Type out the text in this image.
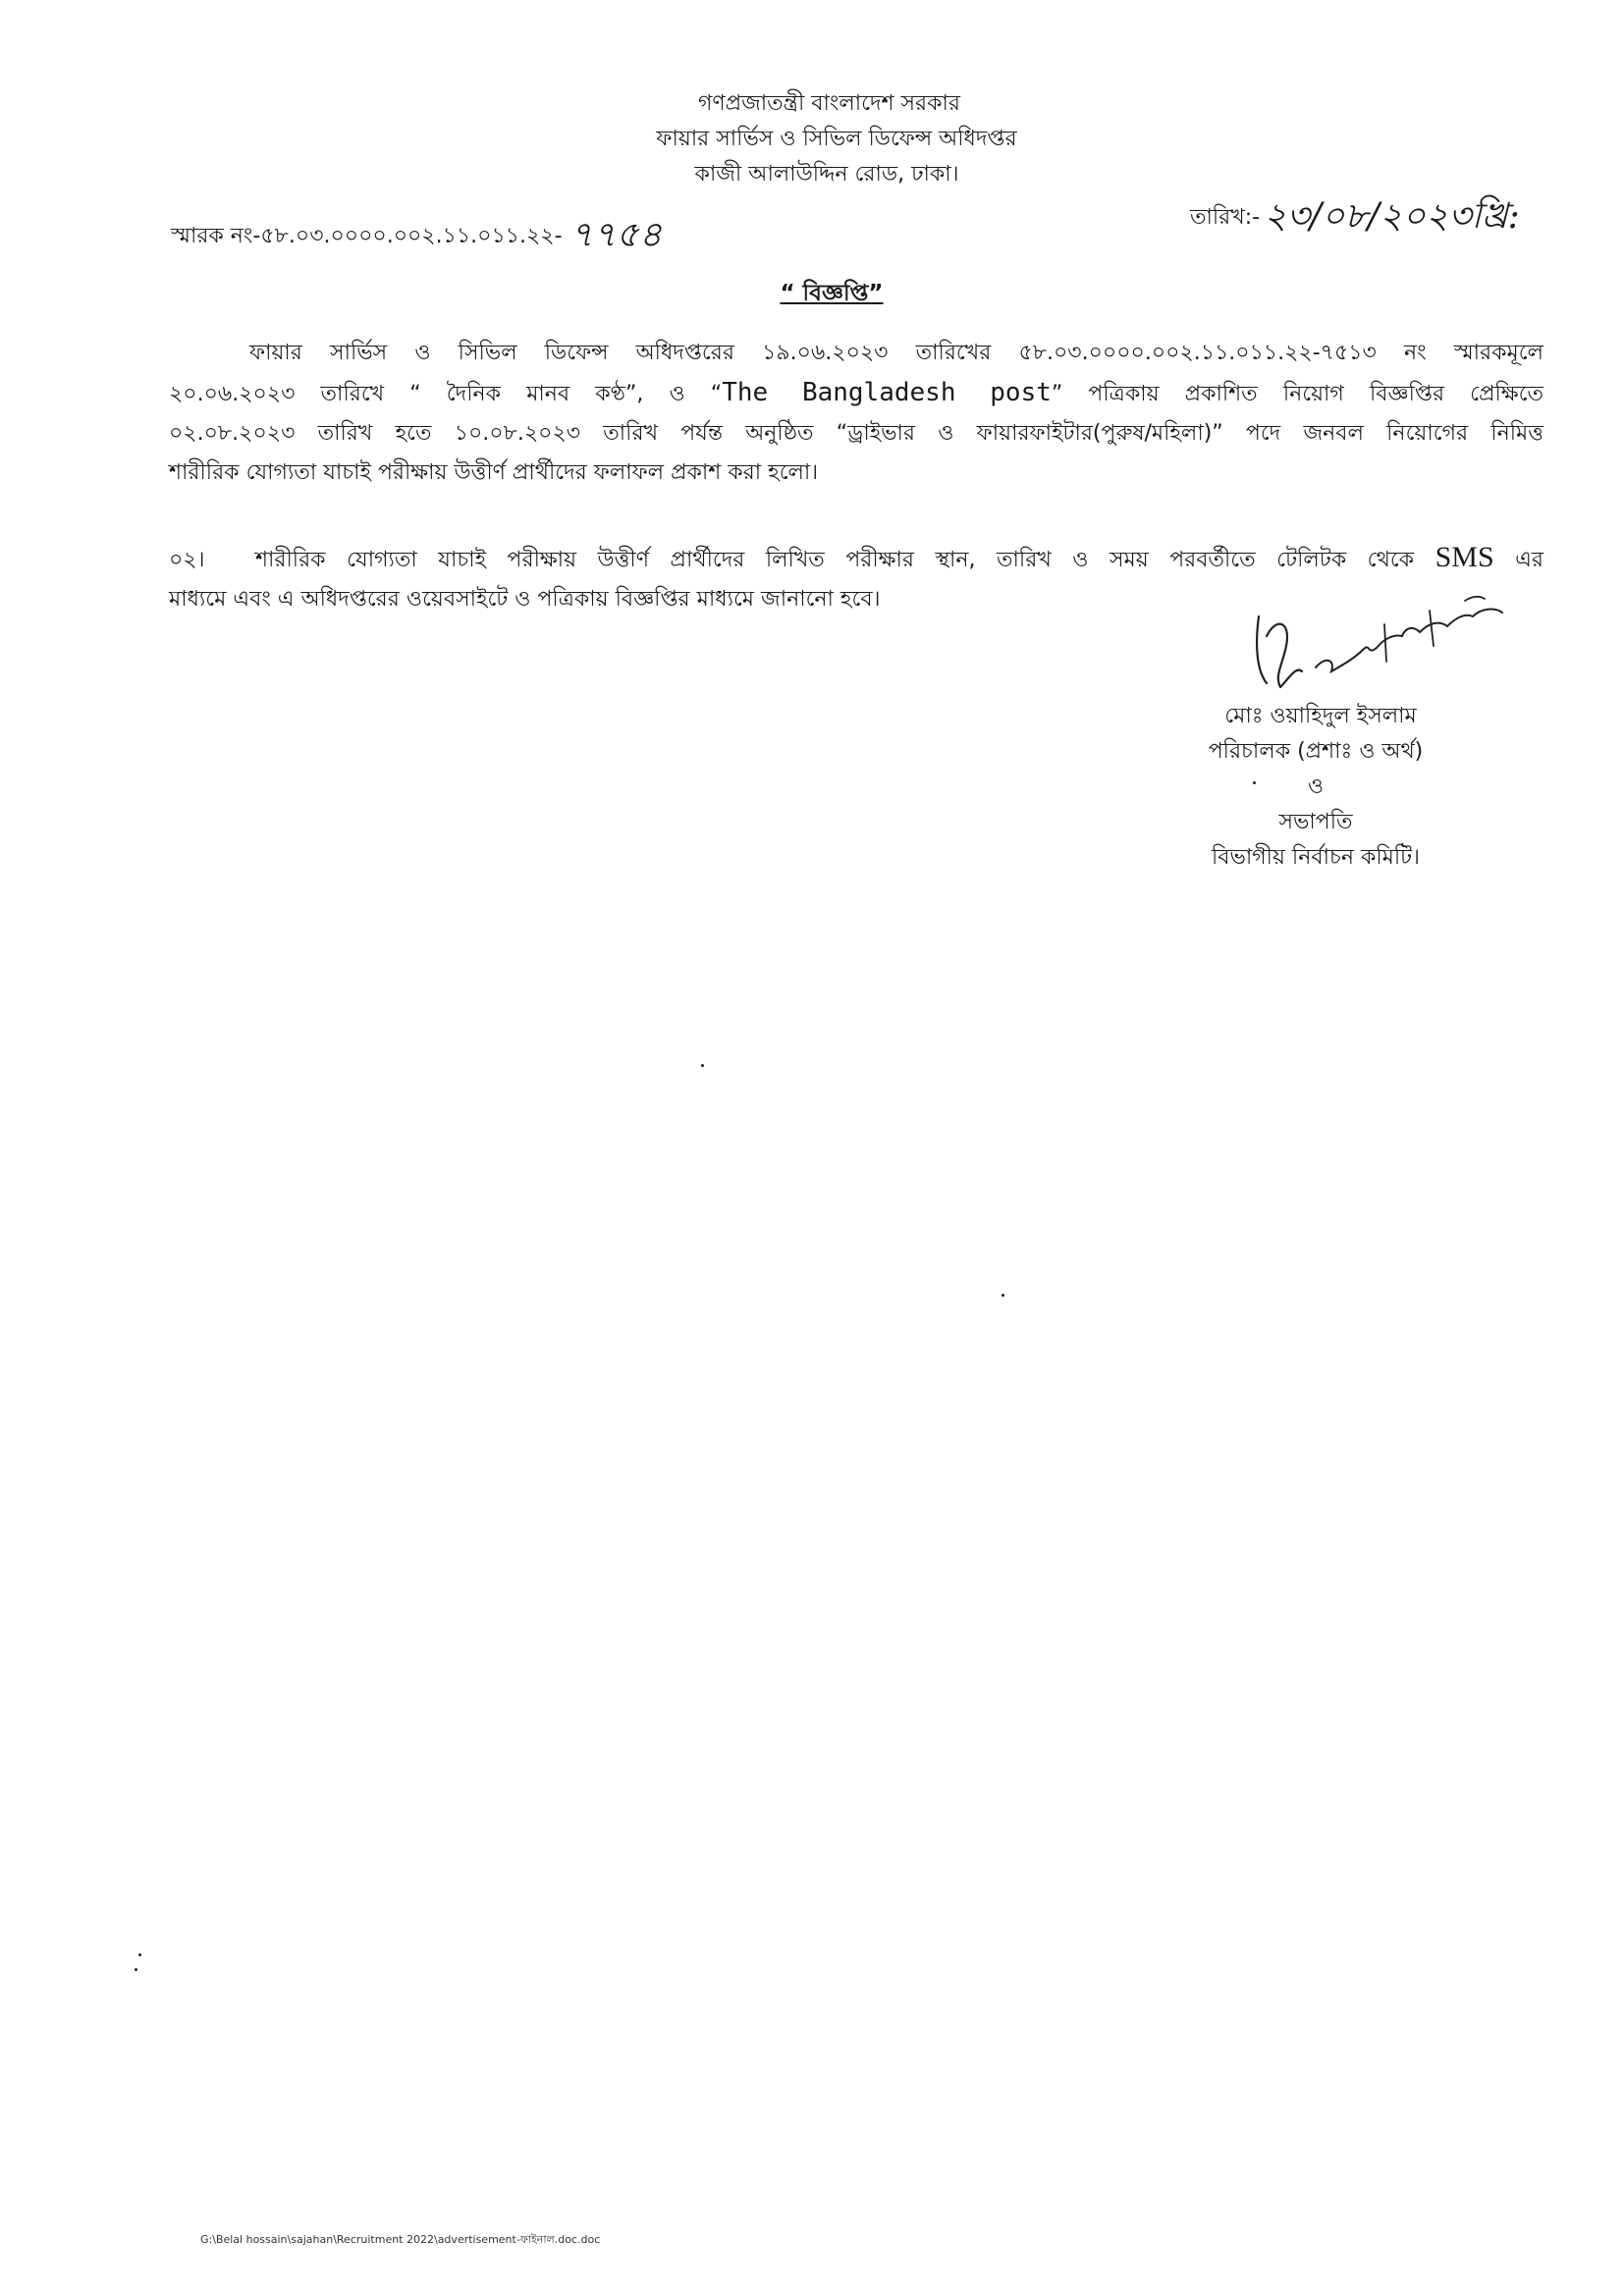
গণপ্রজাতন্ত্রী বাংলাদেশ সরকার
ফায়ার সার্ভিস ও সিভিল ডিফেন্স অধিদপ্তর
কাজী আলাউদ্দিন রোড, ঢাকা।
স্মারক নং-৫৮.০৩.০০০০.০০২.১১.০১১.২২- ৭৭৫৪	তারিখ:- ২৩/০৮/২০২৩খ্রি:
“ বিজ্ঞপ্তি”
ফায়ার সার্ভিস ও সিভিল ডিফেন্স অধিদপ্তরের ১৯.০৬.২০২৩ তারিখের ৫৮.০৩.০০০০.০০২.১১.০১১.২২-৭৫১৩ নং স্মারকমূলে
২০.০৬.২০২৩ তারিখে “ দৈনিক মানব কণ্ঠ”, ও “The Bangladesh post” পত্রিকায় প্রকাশিত নিয়োগ বিজ্ঞপ্তির প্রেক্ষিতে
০২.০৮.২০২৩ তারিখ হতে ১০.০৮.২০২৩ তারিখ পর্যন্ত অনুষ্ঠিত “ড্রাইভার ও ফায়ারফাইটার(পুরুষ/মহিলা)” পদে জনবল নিয়োগের নিমিত্ত
শারীরিক যোগ্যতা যাচাই পরীক্ষায় উত্তীর্ণ প্রার্থীদের ফলাফল প্রকাশ করা হলো।
০২। শারীরিক যোগ্যতা যাচাই পরীক্ষায় উত্তীর্ণ প্রার্থীদের লিখিত পরীক্ষার স্থান, তারিখ ও সময় পরবর্তীতে টেলিটক থেকে SMS এর
মাধ্যমে এবং এ অধিদপ্তরের ওয়েবসাইটে ও পত্রিকায় বিজ্ঞপ্তির মাধ্যমে জানানো হবে।
মোঃ ওয়াহিদুল ইসলাম
পরিচালক (প্রশাঃ ও অর্থ)
ও
সভাপতি
বিভাগীয় নির্বাচন কমিটি।
G:\Belal hossain\sajahan\Recruitment 2022\advertisement-ফাইনাল.doc.doc
